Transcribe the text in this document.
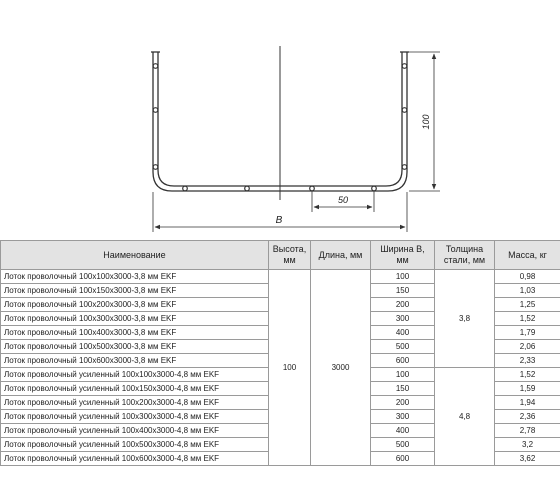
100
50
B
Наименование	Высота, мм	Длина, мм	Ширина B, мм	Толщина стали, мм	Масса, кг
Лоток проволочный 100x100x3000-3,8 мм EKF	100	3000	100	3,8	0,98
Лоток проволочный 100x150x3000-3,8 мм EKF			150		1,03
Лоток проволочный 100x200x3000-3,8 мм EKF			200		1,25
Лоток проволочный 100x300x3000-3,8 мм EKF			300		1,52
Лоток проволочный 100x400x3000-3,8 мм EKF			400		1,79
Лоток проволочный 100x500x3000-3,8 мм EKF			500		2,06
Лоток проволочный 100x600x3000-3,8 мм EKF			600		2,33
Лоток проволочный усиленный 100x100x3000-4,8 мм EKF			100	4,8	1,52
Лоток проволочный усиленный 100x150x3000-4,8 мм EKF			150		1,59
Лоток проволочный усиленный 100x200x3000-4,8 мм EKF			200		1,94
Лоток проволочный усиленный 100x300x3000-4,8 мм EKF			300		2,36
Лоток проволочный усиленный 100x400x3000-4,8 мм EKF			400		2,78
Лоток проволочный усиленный 100x500x3000-4,8 мм EKF			500		3,2
Лоток проволочный усиленный 100x600x3000-4,8 мм EKF			600		3,62
